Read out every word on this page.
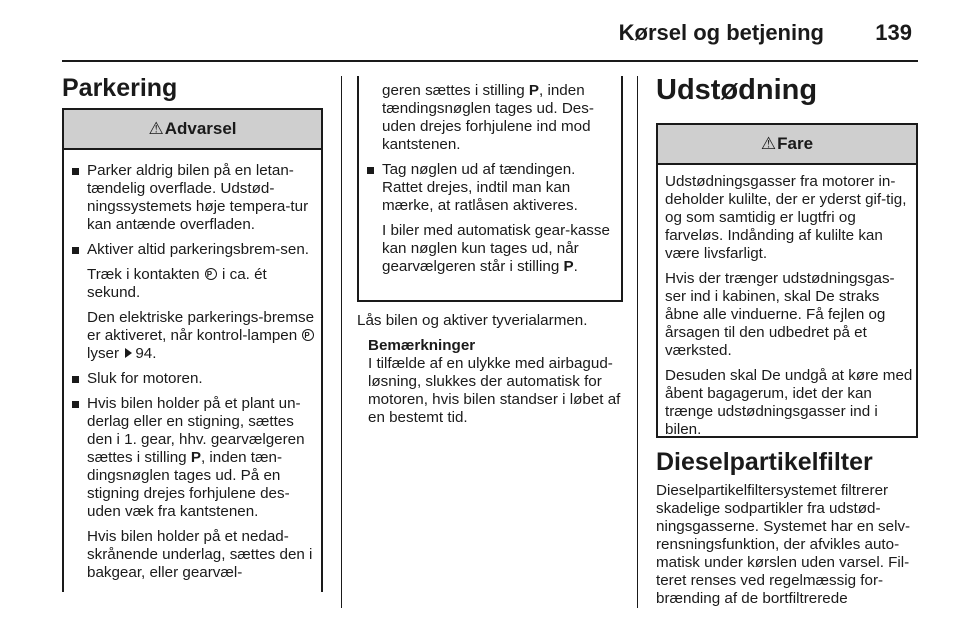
Kørsel og betjening 139
Parkering
⚠ Advarsel
Parker aldrig bilen på en letan-tændelig overflade. Udstød-ningssystemets høje tempera-tur kan antænde overfladen.
Aktiver altid parkeringsbrem-sen.
Træk i kontakten P i ca. ét sekund.
Den elektriske parkerings-bremse er aktiveret, når kontrol-lampen P lyser 94.
Sluk for motoren.
Hvis bilen holder på et plant un-derlag eller en stigning, sættes den i 1. gear, hhv. gearvælgeren sættes i stilling P, inden tæn-dingsnøglen tages ud. På en stigning drejes forhjulene des-uden væk fra kantstenen.
Hvis bilen holder på et nedad-skrånende underlag, sættes den i bakgear, eller gearvæl-
geren sættes i stilling P, inden tændingsnøglen tages ud. Des-uden drejes forhjulene ind mod kantstenen.
Tag nøglen ud af tændingen. Rattet drejes, indtil man kan mærke, at ratlåsen aktiveres.
I biler med automatisk gear-kasse kan nøglen kun tages ud, når gearvælgeren står i stilling P.
Lås bilen og aktiver tyverialarmen.
Bemærkninger
I tilfælde af en ulykke med airbagud-løsning, slukkes der automatisk for motoren, hvis bilen standser i løbet af en bestemt tid.
Udstødning
⚠ Fare
Udstødningsgasser fra motorer in-deholder kulilte, der er yderst gif-tig, og som samtidig er lugtfri og farveløs. Indånding af kulilte kan være livsfarligt.
Hvis der trænger udstødningsgas-ser ind i kabinen, skal De straks åbne alle vinduerne. Få fejlen og årsagen til den udbedret på et værksted.
Desuden skal De undgå at køre med åbent bagagerum, idet der kan trænge udstødningsgasser ind i bilen.
Dieselpartikelfilter
Dieselpartikelfiltersystemet filtrerer skadelige sodpartikler fra udstød-ningsgasserne. Systemet har en selv-rensningsfunktion, der afvikles auto-matisk under kørslen uden varsel. Fil-teret renses ved regelmæssig for-brænding af de bortfiltrerede
